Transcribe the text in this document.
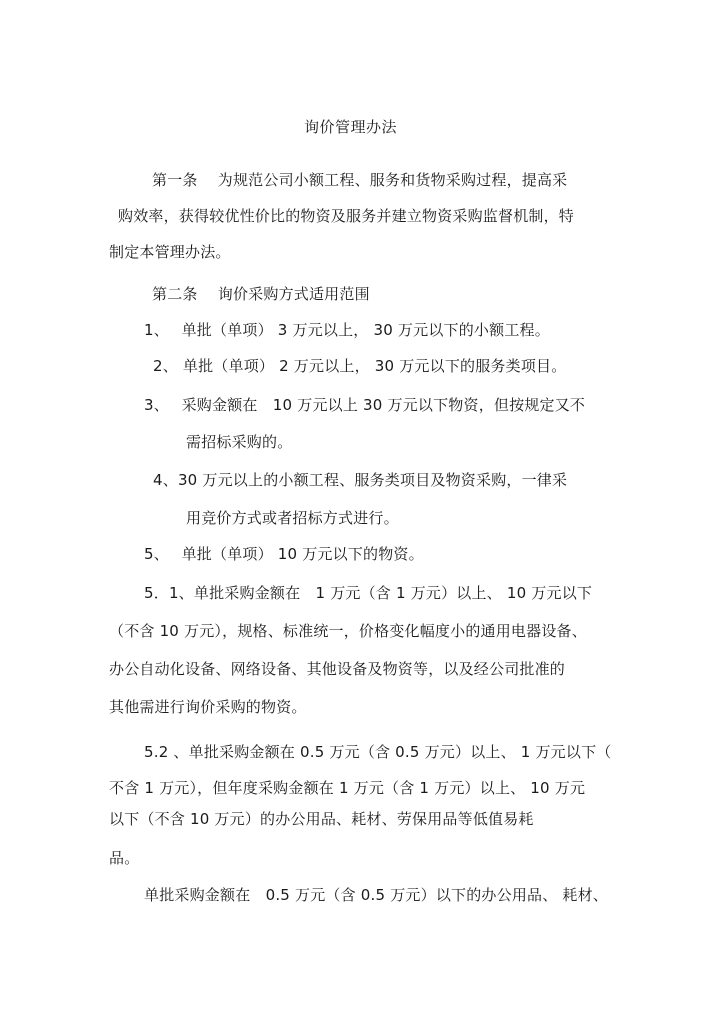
询价管理办法
第一条　 为规范公司小额工程、服务和货物采购过程，提高采
购效率，获得较优性价比的物资及服务并建立物资采购监督机制，特
制定本管理办法。
第二条　 询价采购方式适用范围
1、　 单批（单项） 3 万元以上， 30 万元以下的小额工程。
2、 单批（单项） 2 万元以上， 30 万元以下的服务类项目。
3、　 采购金额在　10 万元以上 30 万元以下物资，但按规定又不
需招标采购的。
4、30 万元以上的小额工程、服务类项目及物资采购，一律采
用竞价方式或者招标方式进行。
5、　 单批（单项） 10 万元以下的物资。
5．1、单批采购金额在　1 万元（含 1 万元）以上、 10 万元以下
（不含 10 万元），规格、标准统一，价格变化幅度小的通用电器设备、
办公自动化设备、网络设备、其他设备及物资等，以及经公司批准的
其他需进行询价采购的物资。
5.2 、单批采购金额在 0.5 万元（含 0.5 万元）以上、 1 万元以下（
不含 1 万元），但年度采购金额在 1 万元（含 1 万元）以上、 10 万元
以下（不含 10 万元）的办公用品、耗材、劳保用品等低值易耗
品。
单批采购金额在　0.5 万元（含 0.5 万元）以下的办公用品、 耗材、
